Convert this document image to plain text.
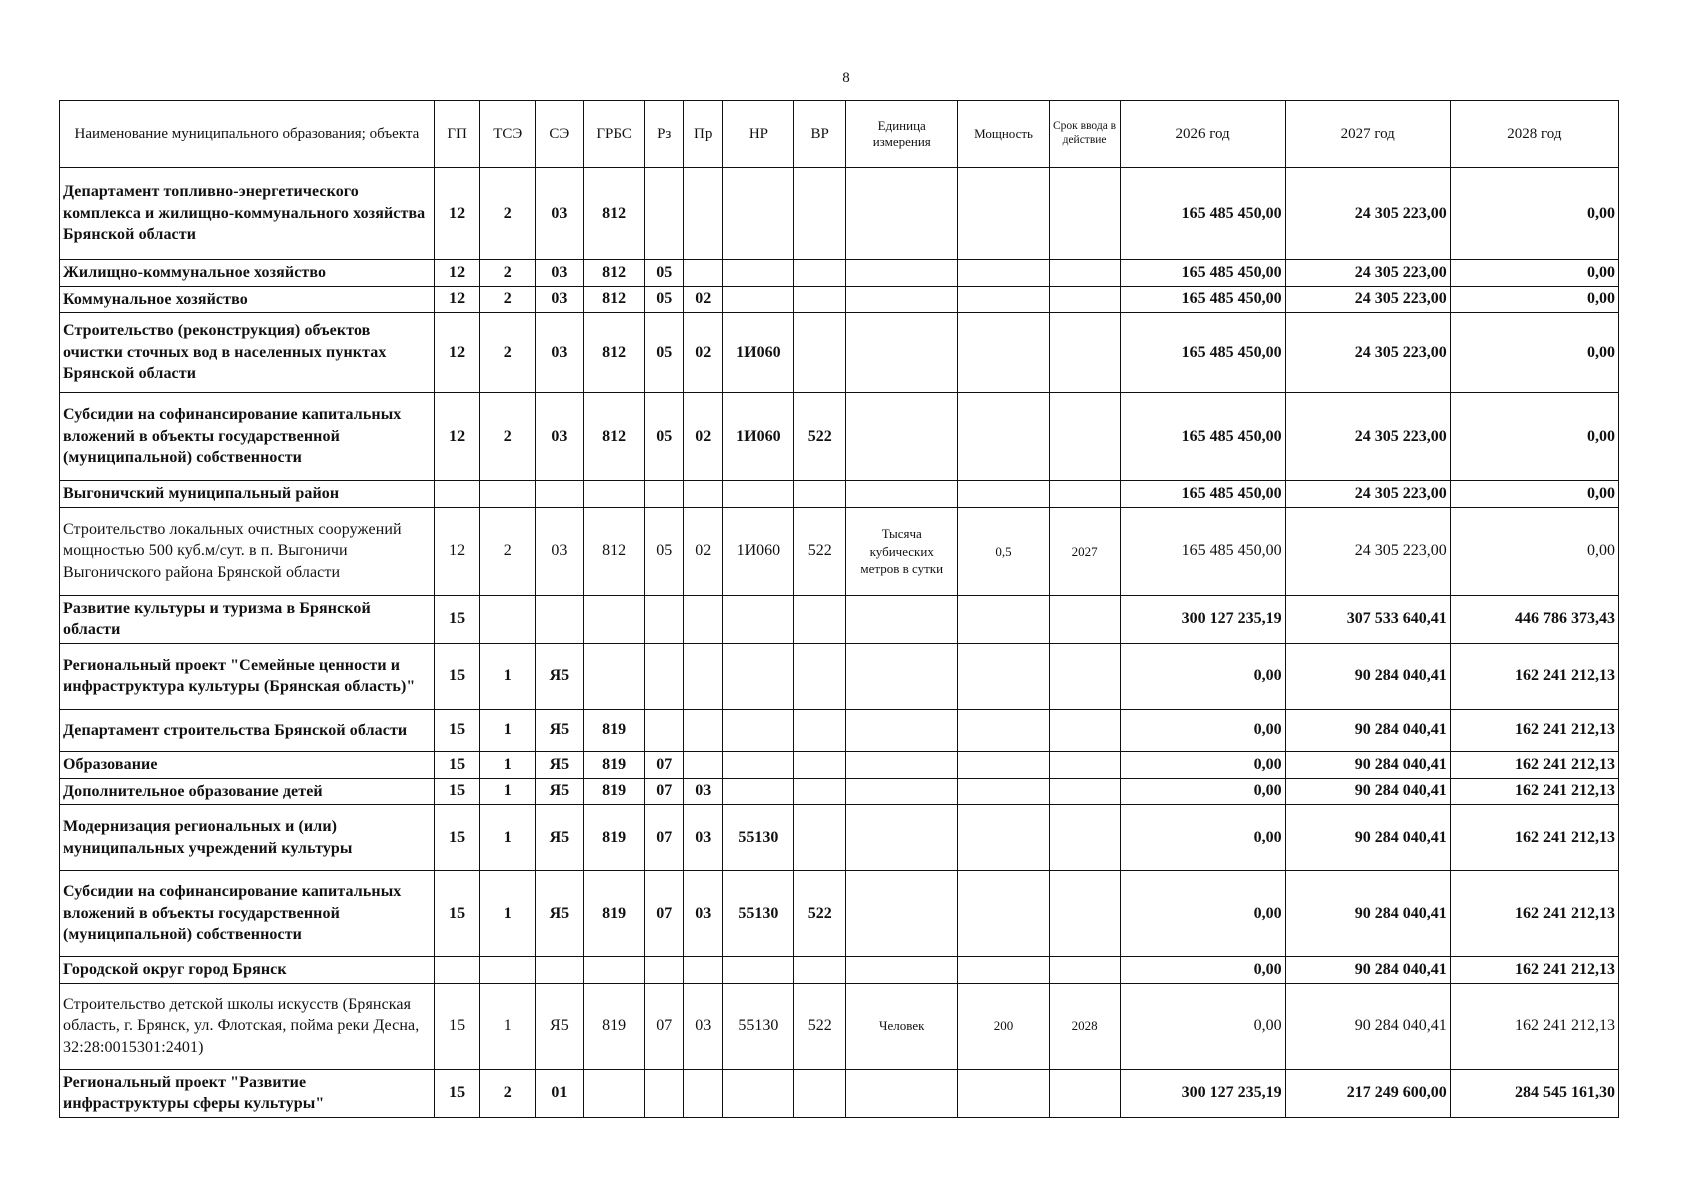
8
Наименование муниципального образования; объекта	ГП	ТСЭ	СЭ	ГРБС	Рз	Пр	НР	ВР	Единица измерения	Мощность	Срок ввода в действие	2026 год	2027 год	2028 год
Департамент топливно-энергетического комплекса и жилищно-коммунального хозяйства Брянской области	12	2	03	812								165 485 450,00	24 305 223,00	0,00
Жилищно-коммунальное хозяйство	12	2	03	812	05							165 485 450,00	24 305 223,00	0,00
Коммунальное хозяйство	12	2	03	812	05	02						165 485 450,00	24 305 223,00	0,00
Строительство (реконструкция) объектов очистки сточных вод в населенных пунктах Брянской области	12	2	03	812	05	02	1И060					165 485 450,00	24 305 223,00	0,00
Субсидии на софинансирование капитальных вложений в объекты государственной (муниципальной) собственности	12	2	03	812	05	02	1И060	522				165 485 450,00	24 305 223,00	0,00
Выгоничский муниципальный район												165 485 450,00	24 305 223,00	0,00
Строительство локальных очистных сооружений мощностью 500 куб.м/сут. в п. Выгоничи Выгоничского района Брянской области	12	2	03	812	05	02	1И060	522	Тысяча кубических метров в сутки	0,5	2027	165 485 450,00	24 305 223,00	0,00
Развитие культуры и туризма в Брянской области	15											300 127 235,19	307 533 640,41	446 786 373,43
Региональный проект "Семейные ценности и инфраструктура культуры (Брянская область)"	15	1	Я5									0,00	90 284 040,41	162 241 212,13
Департамент строительства Брянской области	15	1	Я5	819								0,00	90 284 040,41	162 241 212,13
Образование	15	1	Я5	819	07							0,00	90 284 040,41	162 241 212,13
Дополнительное образование детей	15	1	Я5	819	07	03						0,00	90 284 040,41	162 241 212,13
Модернизация региональных и (или) муниципальных учреждений культуры	15	1	Я5	819	07	03	55130					0,00	90 284 040,41	162 241 212,13
Субсидии на софинансирование капитальных вложений в объекты государственной (муниципальной) собственности	15	1	Я5	819	07	03	55130	522				0,00	90 284 040,41	162 241 212,13
Городской округ город Брянск												0,00	90 284 040,41	162 241 212,13
Строительство детской школы искусств (Брянская область, г. Брянск, ул. Флотская, пойма реки Десна, 32:28:0015301:2401)	15	1	Я5	819	07	03	55130	522	Человек	200	2028	0,00	90 284 040,41	162 241 212,13
Региональный проект "Развитие инфраструктуры сферы культуры"	15	2	01									300 127 235,19	217 249 600,00	284 545 161,30
